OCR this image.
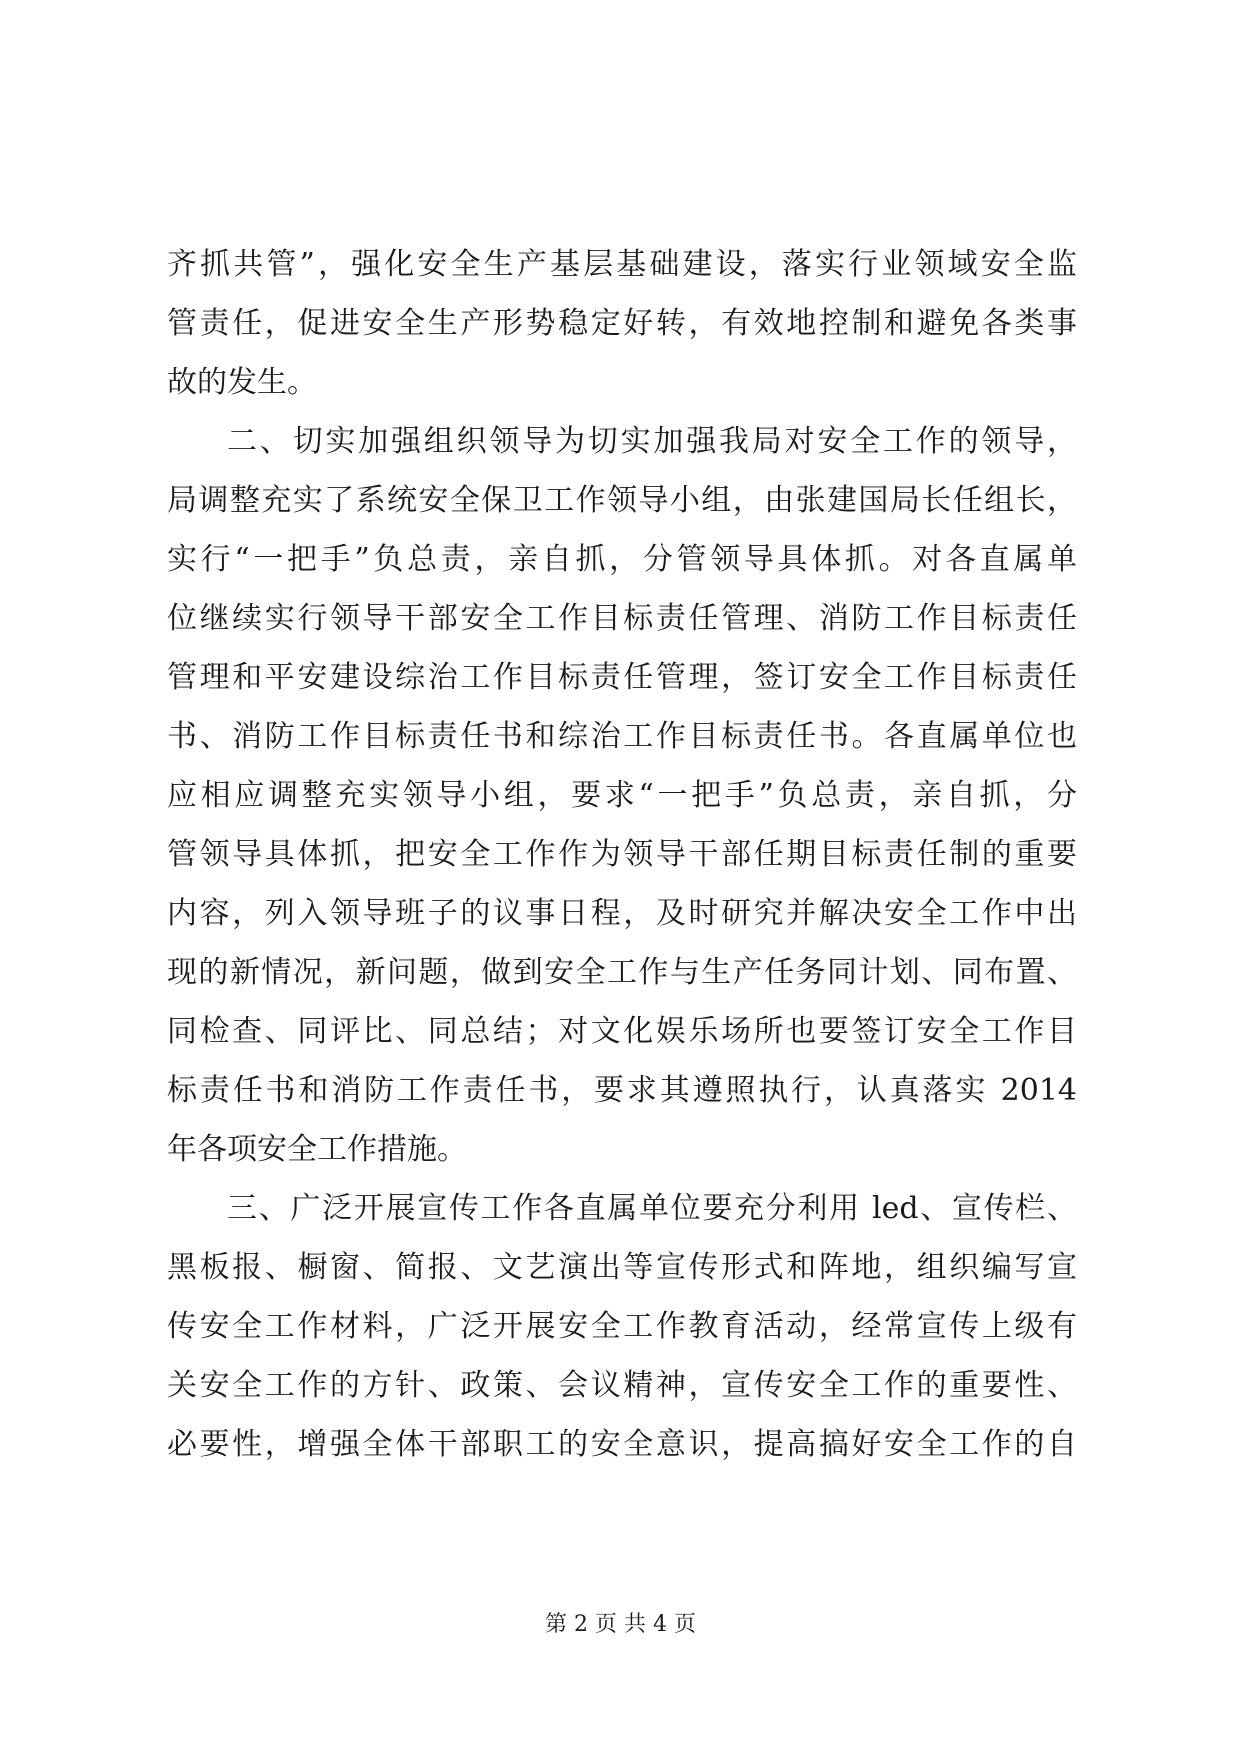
齐抓共管”，强化安全生产基层基础建设，落实行业领域安全监
管责任，促进安全生产形势稳定好转，有效地控制和避免各类事
故的发生。
二、切实加强组织领导为切实加强我局对安全工作的领导，
局调整充实了系统安全保卫工作领导小组，由张建国局长任组长，
实行“一把手”负总责，亲自抓，分管领导具体抓。对各直属单
位继续实行领导干部安全工作目标责任管理、消防工作目标责任
管理和平安建设综治工作目标责任管理，签订安全工作目标责任
书、消防工作目标责任书和综治工作目标责任书。各直属单位也
应相应调整充实领导小组，要求“一把手”负总责，亲自抓，分
管领导具体抓，把安全工作作为领导干部任期目标责任制的重要
内容，列入领导班子的议事日程，及时研究并解决安全工作中出
现的新情况，新问题，做到安全工作与生产任务同计划、同布置、
同检查、同评比、同总结；对文化娱乐场所也要签订安全工作目
标责任书和消防工作责任书，要求其遵照执行，认真落实 2014
年各项安全工作措施。
三、广泛开展宣传工作各直属单位要充分利用 led、宣传栏、
黑板报、橱窗、简报、文艺演出等宣传形式和阵地，组织编写宣
传安全工作材料，广泛开展安全工作教育活动，经常宣传上级有
关安全工作的方针、政策、会议精神，宣传安全工作的重要性、
必要性，增强全体干部职工的安全意识，提高搞好安全工作的自
第 2 页 共 4 页
